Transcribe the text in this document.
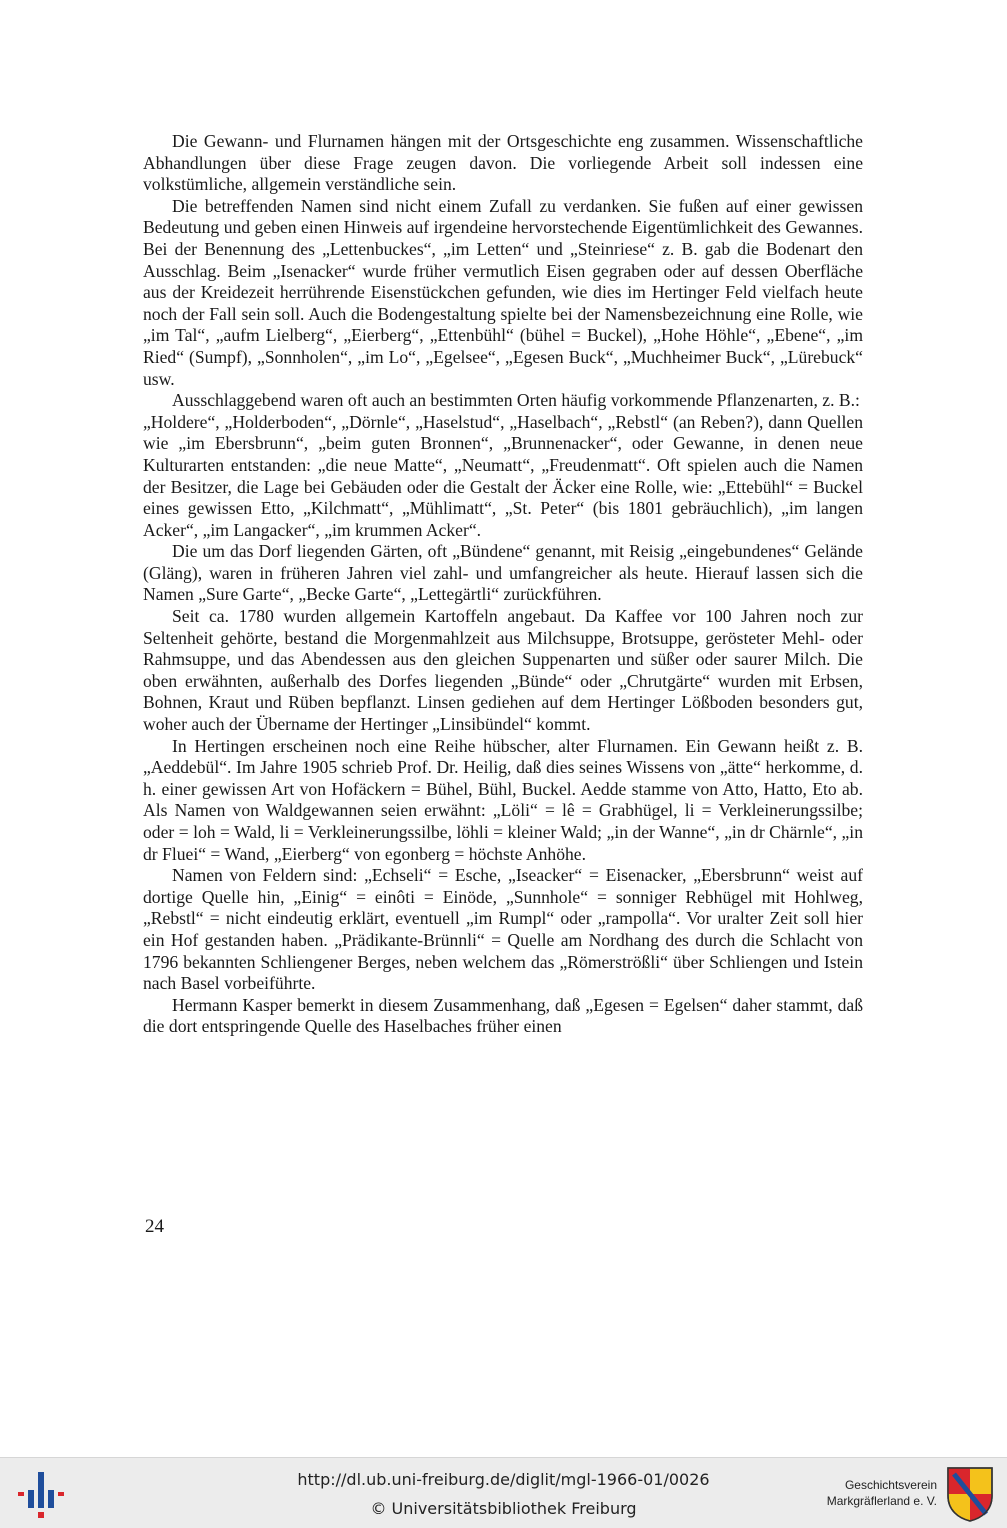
Die Gewann- und Flurnamen hängen mit der Ortsgeschichte eng zusammen. Wissenschaftliche Abhandlungen über diese Frage zeugen davon. Die vorliegende Arbeit soll indessen eine volkstümliche, allgemein verständliche sein.

Die betreffenden Namen sind nicht einem Zufall zu verdanken. Sie fußen auf einer gewissen Bedeutung und geben einen Hinweis auf irgendeine hervorstechende Eigentümlichkeit des Gewannes. Bei der Benennung des „Lettenbuckes“, „im Letten“ und „Steinriese“ z. B. gab die Bodenart den Ausschlag. Beim „Isenacker“ wurde früher vermutlich Eisen gegraben oder auf dessen Oberfläche aus der Kreidezeit herrührende Eisenstückchen gefunden, wie dies im Hertinger Feld vielfach heute noch der Fall sein soll. Auch die Bodengestaltung spielte bei der Namensbezeichnung eine Rolle, wie „im Tal“, „aufm Lielberg“, „Eierberg“, „Ettenbühl“ (bühel = Buckel), „Hohe Höhle“, „Ebene“, „im Ried“ (Sumpf), „Sonnholen“, „im Lo“, „Egelsee“, „Egesen Buck“, „Muchheimer Buck“, „Lürebuck“ usw.

Ausschlaggebend waren oft auch an bestimmten Orten häufig vorkommende Pflanzenarten, z. B.:

„Holdere“, „Holderboden“, „Dörnle“, „Haselstud“, „Haselbach“, „Rebstl“ (an Reben?), dann Quellen wie „im Ebersbrunn“, „beim guten Bronnen“, „Brunnenacker“, oder Gewanne, in denen neue Kulturarten entstanden: „die neue Matte“, „Neumatt“, „Freudenmatt“. Oft spielen auch die Namen der Besitzer, die Lage bei Gebäuden oder die Gestalt der Äcker eine Rolle, wie: „Ettebühl“ = Buckel eines gewissen Etto, „Kilchmatt“, „Mühlimatt“, „St. Peter“ (bis 1801 gebräuchlich), „im langen Acker“, „im Langacker“, „im krummen Acker“.

Die um das Dorf liegenden Gärten, oft „Bündene“ genannt, mit Reisig „eingebundenes“ Gelände (Gläng), waren in früheren Jahren viel zahl- und umfangreicher als heute. Hierauf lassen sich die Namen „Sure Garte“, „Becke Garte“, „Lettegärtli“ zurückführen.

Seit ca. 1780 wurden allgemein Kartoffeln angebaut. Da Kaffee vor 100 Jahren noch zur Seltenheit gehörte, bestand die Morgenmahlzeit aus Milchsuppe, Brotsuppe, gerösteter Mehl- oder Rahmsuppe, und das Abendessen aus den gleichen Suppenarten und süßer oder saurer Milch. Die oben erwähnten, außerhalb des Dorfes liegenden „Bünde“ oder „Chrutgärte“ wurden mit Erbsen, Bohnen, Kraut und Rüben bepflanzt. Linsen gediehen auf dem Hertinger Lößboden besonders gut, woher auch der Übername der Hertinger „Linsibündel“ kommt.

In Hertingen erscheinen noch eine Reihe hübscher, alter Flurnamen. Ein Gewann heißt z. B. „Aeddebül“. Im Jahre 1905 schrieb Prof. Dr. Heilig, daß dies seines Wissens von „ätte“ herkomme, d. h. einer gewissen Art von Hofäckern = Bühel, Bühl, Buckel. Aedde stamme von Atto, Hatto, Eto ab. Als Namen von Waldgewannen seien erwähnt: „Löli“ = lê = Grabhügel, li = Verkleinerungssilbe; oder = loh = Wald, li = Verkleinerungssilbe, löhli = kleiner Wald; „in der Wanne“, „in dr Chärnle“, „in dr Fluei“ = Wand, „Eierberg“ von egonberg = höchste Anhöhe.

Namen von Feldern sind: „Echseli“ = Esche, „Iseacker“ = Eisenacker, „Ebersbrunn“ weist auf dortige Quelle hin, „Einig“ = einôti = Einöde, „Sunnhole“ = sonniger Rebhügel mit Hohlweg, „Rebstl“ = nicht eindeutig erklärt, eventuell „im Rumpl“ oder „rampolla“. Vor uralter Zeit soll hier ein Hof gestanden haben. „Prädikante-Brünnli“ = Quelle am Nordhang des durch die Schlacht von 1796 bekannten Schliengener Berges, neben welchem das „Römerströßli“ über Schliengen und Istein nach Basel vorbeiführte.

Hermann Kasper bemerkt in diesem Zusammenhang, daß „Egesen = Egelsen“ daher stammt, daß die dort entspringende Quelle des Haselbaches früher einen

24
http://dl.ub.uni-freiburg.de/diglit/mgl-1966-01/0026
© Universitätsbibliothek Freiburg
Geschichtsverein
Markgräflerland e. V.
